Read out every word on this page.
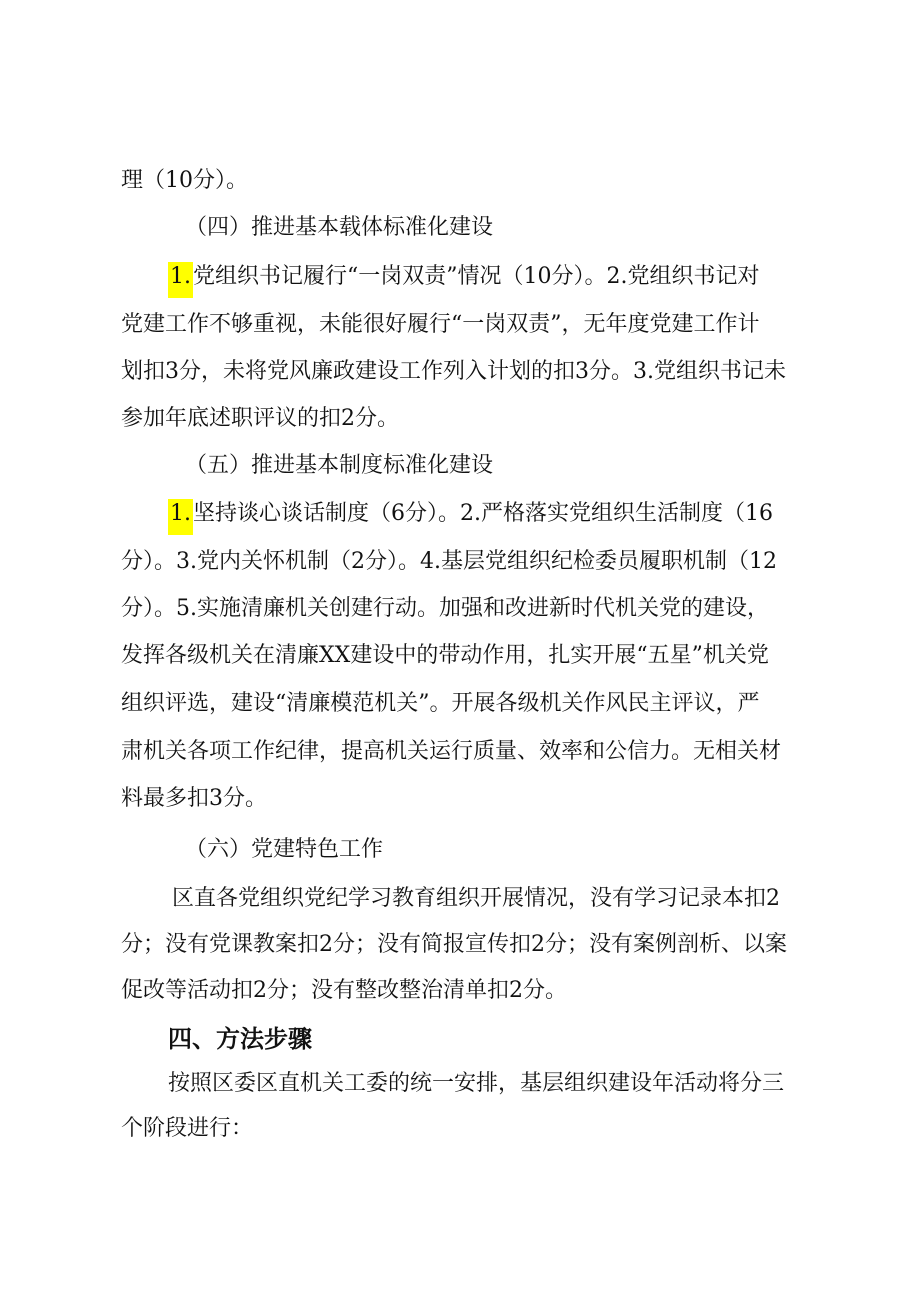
理（10分）。
（四）推进基本载体标准化建设
1.党组织书记履行“一岗双责”情况（10分）。2.党组织书记对
党建工作不够重视，未能很好履行“一岗双责”，无年度党建工作计
划扣3分，未将党风廉政建设工作列入计划的扣3分。3.党组织书记未
参加年底述职评议的扣2分。
（五）推进基本制度标准化建设
1.坚持谈心谈话制度（6分）。2.严格落实党组织生活制度（16
分）。3.党内关怀机制（2分）。4.基层党组织纪检委员履职机制（12
分）。5.实施清廉机关创建行动。加强和改进新时代机关党的建设，
发挥各级机关在清廉XX建设中的带动作用，扎实开展“五星”机关党
组织评选，建设“清廉模范机关”。开展各级机关作风民主评议，严
肃机关各项工作纪律，提高机关运行质量、效率和公信力。无相关材
料最多扣3分。
（六）党建特色工作
区直各党组织党纪学习教育组织开展情况，没有学习记录本扣2
分；没有党课教案扣2分；没有简报宣传扣2分；没有案例剖析、以案
促改等活动扣2分；没有整改整治清单扣2分。
四、方法步骤
按照区委区直机关工委的统一安排，基层组织建设年活动将分三
个阶段进行：
